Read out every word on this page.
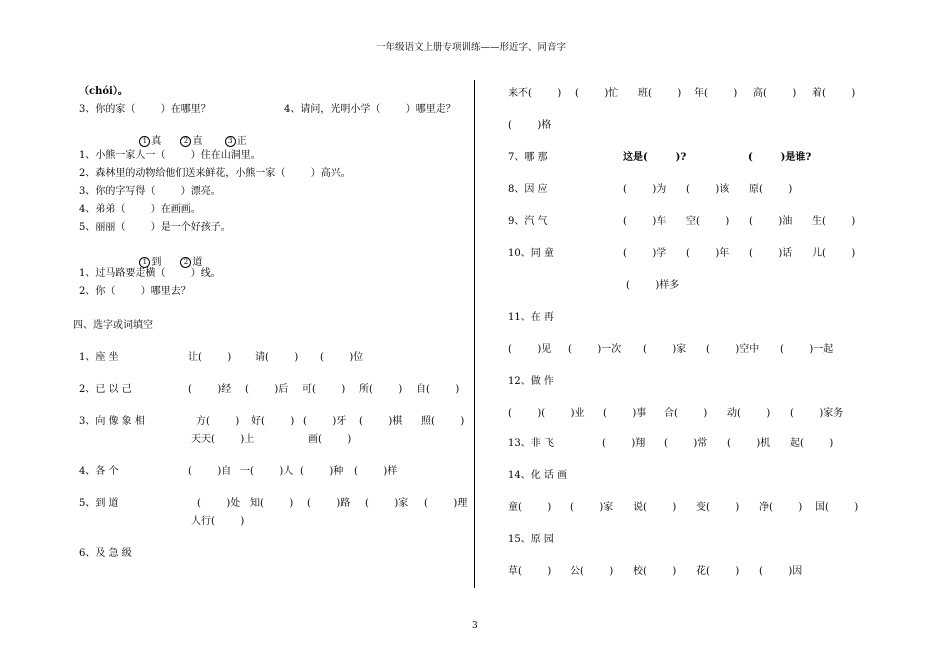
一年级语文上册专项训练——形近字、同音字
（chói）。
3、你的家（        ）在哪里？	4、请问，光明小学（        ）哪里走？

1 真	2 直	3 正

1、小熊一家人一（        ）住在山洞里。
2、森林里的动物给他们送来鲜花，小熊一家（        ）高兴。
3、你的字写得（        ）漂亮。
4、弟弟（        ）在画画。
5、丽丽（        ）是一个好孩子。

1 到	2 道

1、过马路要走横（        ）线。
2、你（        ）哪里去？
四、选字或词填空
1、座 坐	让(        ) 请(        ) (        )位
2、已 以 己	(        )经 (        )后 可(        ) 所(        ) 自(        )
3、向 像 象 相	方(        ) 好(        ) (        )牙 (        )棋 照(        )
天天(        )上	画(        )
4、各 个	(        )自 一(        )人 (        )种 (        )样
5、到 道	(        )处 知(        ) (        )路 (        )家 (        )理
人行(        )
6、及 急 级
来不(        ) (        )忙 班(        ) 年(        ) 高(        ) 着(        )
(        )格
7、哪 那	这是(        )?	(        )是谁?
8、因 应	(        )为 (        )该 原(        )
9、汽 气	(        )车 空(        ) (        )油 生(        )
10、同 童	(        )学 (        )年 (        )话 儿(        )
(        )样多
11、在 再
(        )见 (        )一次 (        )家 (        )空中 (        )一起
12、做 作
(        )(        )业 (        )事 合(        ) 动(        ) (        )家务
13、非 飞	(        )翔 (        )常 (        )机 起(        )
14、化 话 画
童(        ) (        )家 说(        ) 变(        ) 净(        ) 国(        )
15、原 园
草(        ) 公(        ) 校(        ) 花(        ) (        )因
3
